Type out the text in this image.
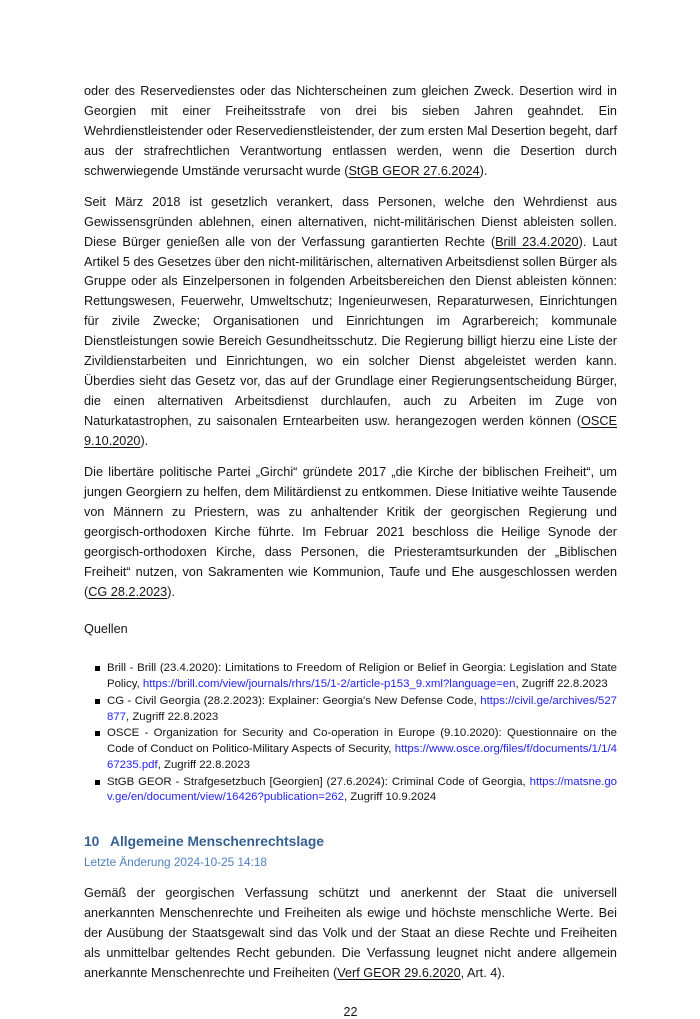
oder des Reservedienstes oder das Nichterscheinen zum gleichen Zweck. Desertion wird in Georgien mit einer Freiheitsstrafe von drei bis sieben Jahren geahndet. Ein Wehrdienstleistender oder Reservedienstleistender, der zum ersten Mal Desertion begeht, darf aus der strafrechtlichen Verantwortung entlassen werden, wenn die Desertion durch schwerwiegende Umstände verursacht wurde (StGB GEOR 27.6.2024).

Seit März 2018 ist gesetzlich verankert, dass Personen, welche den Wehrdienst aus Gewissensgründen ablehnen, einen alternativen, nicht-militärischen Dienst ableisten sollen. Diese Bürger genießen alle von der Verfassung garantierten Rechte (Brill 23.4.2020). Laut Artikel 5 des Gesetzes über den nicht-militärischen, alternativen Arbeitsdienst sollen Bürger als Gruppe oder als Einzelpersonen in folgenden Arbeitsbereichen den Dienst ableisten können: Rettungswesen, Feuerwehr, Umweltschutz; Ingenieurwesen, Reparaturwesen, Einrichtungen für zivile Zwecke; Organisationen und Einrichtungen im Agrarbereich; kommunale Dienstleistungen sowie Bereich Gesundheitsschutz. Die Regierung billigt hierzu eine Liste der Zivildienstarbeiten und Einrichtungen, wo ein solcher Dienst abgeleistet werden kann. Überdies sieht das Gesetz vor, das auf der Grundlage einer Regierungsentscheidung Bürger, die einen alternativen Arbeitsdienst durchlaufen, auch zu Arbeiten im Zuge von Naturkatastrophen, zu saisonalen Erntearbeiten usw. herangezogen werden können (OSCE 9.10.2020).

Die libertäre politische Partei „Girchi“ gründete 2017 „die Kirche der biblischen Freiheit“, um jungen Georgiern zu helfen, dem Militärdienst zu entkommen. Diese Initiative weihte Tausende von Männern zu Priestern, was zu anhaltender Kritik der georgischen Regierung und georgisch-orthodoxen Kirche führte. Im Februar 2021 beschloss die Heilige Synode der georgisch-orthodoxen Kirche, dass Personen, die Priesteramtsurkunden der „Biblischen Freiheit“ nutzen, von Sakramenten wie Kommunion, Taufe und Ehe ausgeschlossen werden (CG 28.2.2023).

Quellen

Brill - Brill (23.4.2020): Limitations to Freedom of Religion or Belief in Georgia: Legislation and State Policy, https://brill.com/view/journals/rhrs/15/1-2/article-p153_9.xml?language=en, Zugriff 22.8.2023
CG - Civil Georgia (28.2.2023): Explainer: Georgia's New Defense Code, https://civil.ge/archives/527877, Zugriff 22.8.2023
OSCE - Organization for Security and Co-operation in Europe (9.10.2020): Questionnaire on the Code of Conduct on Politico-Military Aspects of Security, https://www.osce.org/files/f/documents/1/1/467235.pdf, Zugriff 22.8.2023
StGB GEOR - Strafgesetzbuch [Georgien] (27.6.2024): Criminal Code of Georgia, https://matsne.gov.ge/en/document/view/16426?publication=262, Zugriff 10.9.2024
10 Allgemeine Menschenrechtslage

Letzte Änderung 2024-10-25 14:18

Gemäß der georgischen Verfassung schützt und anerkennt der Staat die universell anerkannten Menschenrechte und Freiheiten als ewige und höchste menschliche Werte. Bei der Ausübung der Staatsgewalt sind das Volk und der Staat an diese Rechte und Freiheiten als unmittelbar geltendes Recht gebunden. Die Verfassung leugnet nicht andere allgemein anerkannte Menschenrechte und Freiheiten (Verf GEOR 29.6.2020, Art. 4).

22
